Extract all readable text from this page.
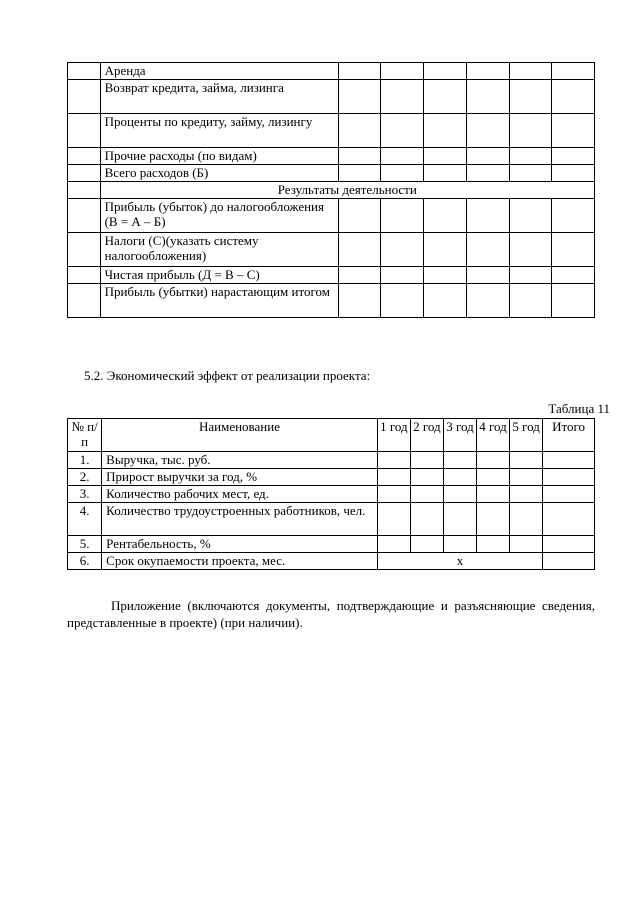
	Аренда						
	Возврат кредита, займа, лизинга						
	Проценты по кредиту, займу, лизингу						
	Прочие расходы (по видам)						
	Всего расходов (Б)						
	Результаты деятельности						
	Прибыль (убыток) до налогообложения (В = А – Б)						
	Налоги (С)(указать систему налогообложения)						
	Чистая прибыль (Д = В – С)						
	Прибыль (убытки) нарастающим итогом						
5.2. Экономический эффект от реализации проекта:

Таблица 11

№ п/п	Наименование	1 год	2 год	3 год	4 год	5 год	Итого
1.	Выручка, тыс. руб.						
2.	Прирост выручки за год, %						
3.	Количество рабочих мест, ед.						
4.	Количество трудоустроенных работников, чел.						
5.	Рентабельность, %						
6.	Срок окупаемости проекта, мес.	x					

Приложение (включаются документы, подтверждающие и разъясняющие сведения, представленные в проекте) (при наличии).
